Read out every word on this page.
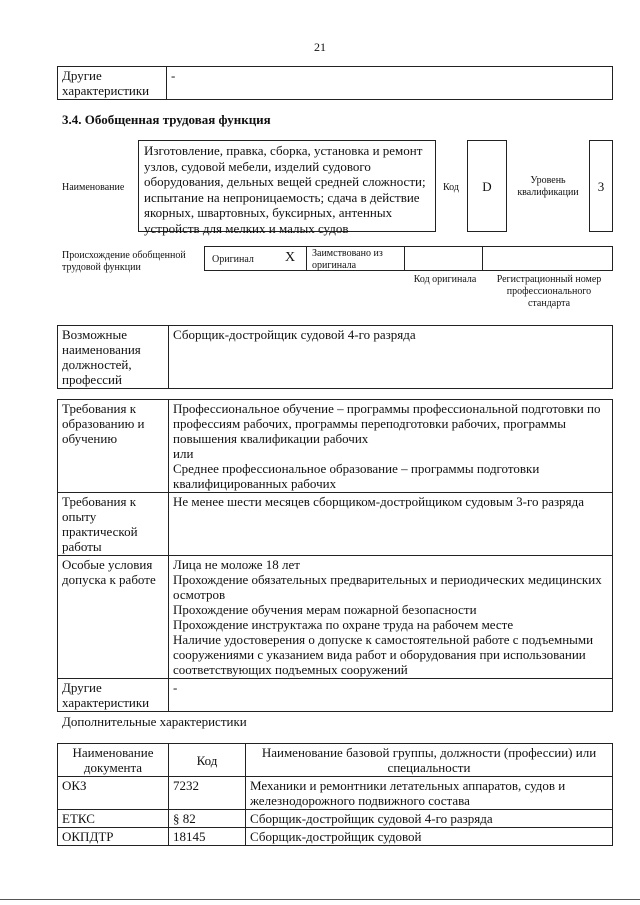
21
Другие характеристики	-
3.4. Обобщенная трудовая функция
Наименование
Изготовление, правка, сборка, установка и ремонт узлов, судовой мебели, изделий судового оборудования, дельных вещей средней сложности; испытание на непроницаемость; сдача в действие якорных, швартовных, буксирных, антенных устройств для мелких и малых судов
Код	D	Уровень квалификации	3
Происхождение обобщенной трудовой функции
Оригинал X Заимствовано из оригинала
Код оригинала	Регистрационный номер профессионального стандарта
Возможные наименования должностей, профессий	Сборщик-достройщик судовой 4-го разряда
Требования к образованию и обучению	Профессиональное обучение – программы профессиональной подготовки по профессиям рабочих, программы переподготовки рабочих, программы повышения квалификации рабочих
или
Среднее профессиональное образование – программы подготовки квалифицированных рабочих

Требования к опыту практической работы	Не менее шести месяцев сборщиком-достройщиком судовым 3-го разряда

Особые условия допуска к работе	Лица не моложе 18 лет
Прохождение обязательных предварительных и периодических медицинских осмотров
Прохождение обучения мерам пожарной безопасности
Прохождение инструктажа по охране труда на рабочем месте
Наличие удостоверения о допуске к самостоятельной работе с подъемными сооружениями с указанием вида работ и оборудования при использовании соответствующих подъемных сооружений

Другие характеристики	-
Дополнительные характеристики
Наименование документа	Код	Наименование базовой группы, должности (профессии) или специальности
ОКЗ	7232	Механики и ремонтники летательных аппаратов, судов и железнодорожного подвижного состава
ЕТКС	§ 82	Сборщик-достройщик судовой 4-го разряда
ОКПДТР	18145	Сборщик-достройщик судовой
